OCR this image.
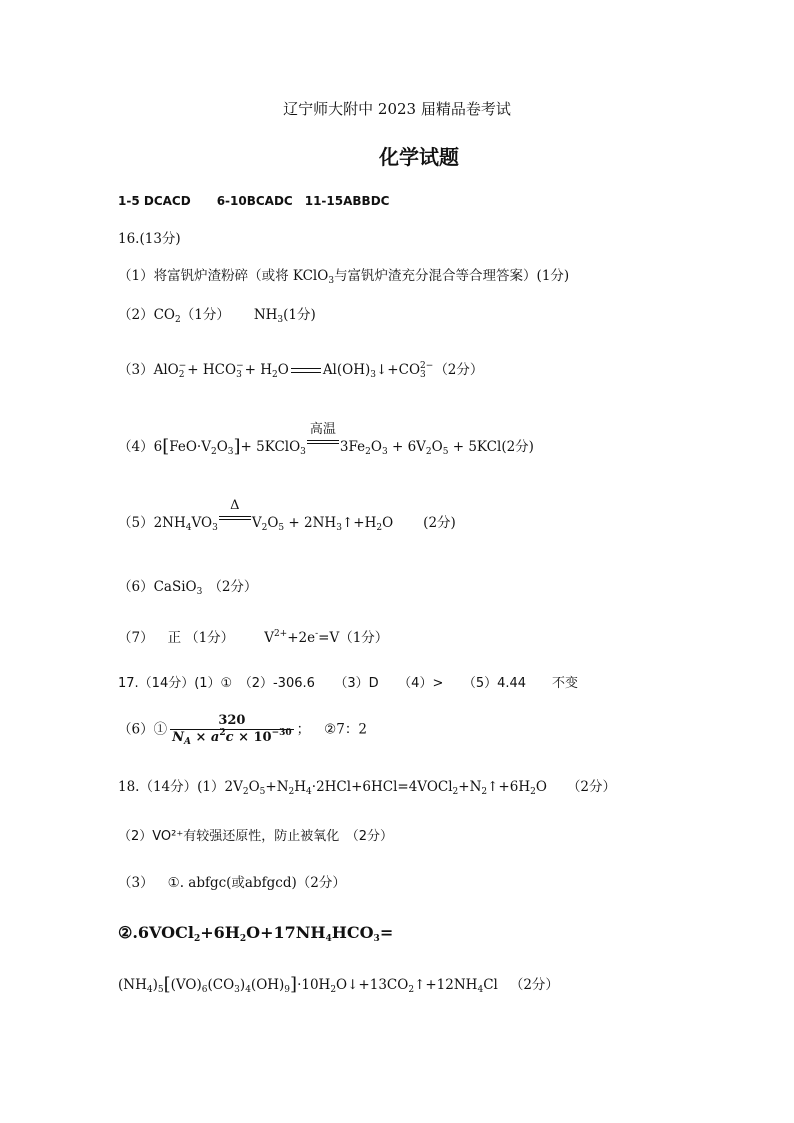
辽宁师大附中 2023 届精品卷考试
化学试题
1-5 DCACD 6-10BCADC 11-15ABBDC
16.(13分)
（1）将富钒炉渣粉碎（或将 KClO$_3$与富钒炉渣充分混合等合理答案）(1分)
$(2)CO_2(1$分） $NH_3(1$分)
（3）AlO −
2 + HCO −
$3 + H_2O$	$Al(OH)_3↓+CO$ 2−
3 （2分）
$(4)6[FeO\cdot V_2O_3]+$ 5KClO$_3$
高温
$3Fe_2O_3 + 6V_2O_5 + 5KCl(2$分)
$(5)2NH_4VO_3$
Δ
$V_2O_5$ + $2NH_3↑+H_2O$ (2分)
（6）CaSiO$_3$ （2分）
（7） 正 （1分） $V^{2+}+2e^-=V(1$分）
17.（14分）(1）①　（2）-306.6　　（3）D　　（4）>　　（5）4.44　　不变
（6）① $\frac{320}{N_A \times a^2c \times 10^{-30}}$ ； ②7：2
18.（14分）$(1)2V_2O_5+N_2H_4\cdot 2HCl+6HCl=4VOCl_2+N_2↑+6H_2O$ （2分）
（2）VO²⁺有较强还原性，防止被氧化　（2分）
（3） ①. abfgc(或abfgcd)（2分）
$②.6VOCl_2+6H_2O+17NH_4HCO_3=$
$(NH_4)_5[(VO)_6(CO_3)_4(OH)_9]\cdot 10H_2O↓+13CO_2↑+12NH_4Cl$ （2分）
